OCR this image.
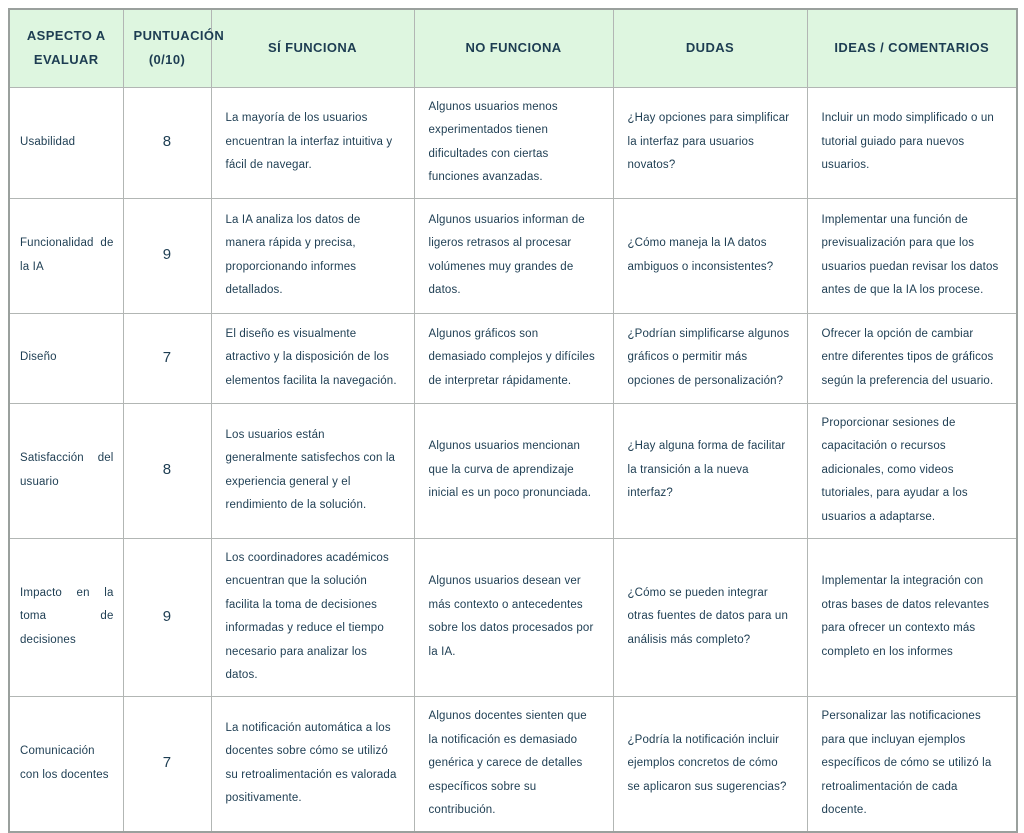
ASPECTO A EVALUAR	PUNTUACIÓN (0/10)	SÍ FUNCIONA	NO FUNCIONA	DUDAS	IDEAS / COMENTARIOS
Usabilidad	8	La mayoría de los usuarios encuentran la interfaz intuitiva y fácil de navegar.	Algunos usuarios menos experimentados tienen dificultades con ciertas funciones avanzadas.	¿Hay opciones para simplificar la interfaz para usuarios novatos?	Incluir un modo simplificado o un tutorial guiado para nuevos usuarios.
Funcionalidad de la IA	9	La IA analiza los datos de manera rápida y precisa, proporcionando informes detallados.	Algunos usuarios informan de ligeros retrasos al procesar volúmenes muy grandes de datos.	¿Cómo maneja la IA datos ambiguos o inconsistentes?	Implementar una función de previsualización para que los usuarios puedan revisar los datos antes de que la IA los procese.
Diseño	7	El diseño es visualmente atractivo y la disposición de los elementos facilita la navegación.	Algunos gráficos son demasiado complejos y difíciles de interpretar rápidamente.	¿Podrían simplificarse algunos gráficos o permitir más opciones de personalización?	Ofrecer la opción de cambiar entre diferentes tipos de gráficos según la preferencia del usuario.
Satisfacción del usuario	8	Los usuarios están generalmente satisfechos con la experiencia general y el rendimiento de la solución.	Algunos usuarios mencionan que la curva de aprendizaje inicial es un poco pronunciada.	¿Hay alguna forma de facilitar la transición a la nueva interfaz?	Proporcionar sesiones de capacitación o recursos adicionales, como videos tutoriales, para ayudar a los usuarios a adaptarse.
Impacto en la toma de decisiones	9	Los coordinadores académicos encuentran que la solución facilita la toma de decisiones informadas y reduce el tiempo necesario para analizar los datos.	Algunos usuarios desean ver más contexto o antecedentes sobre los datos procesados por la IA.	¿Cómo se pueden integrar otras fuentes de datos para un análisis más completo?	Implementar la integración con otras bases de datos relevantes para ofrecer un contexto más completo en los informes
Comunicación con los docentes	7	La notificación automática a los docentes sobre cómo se utilizó su retroalimentación es valorada positivamente.	Algunos docentes sienten que la notificación es demasiado genérica y carece de detalles específicos sobre su contribución.	¿Podría la notificación incluir ejemplos concretos de cómo se aplicaron sus sugerencias?	Personalizar las notificaciones para que incluyan ejemplos específicos de cómo se utilizó la retroalimentación de cada docente.
